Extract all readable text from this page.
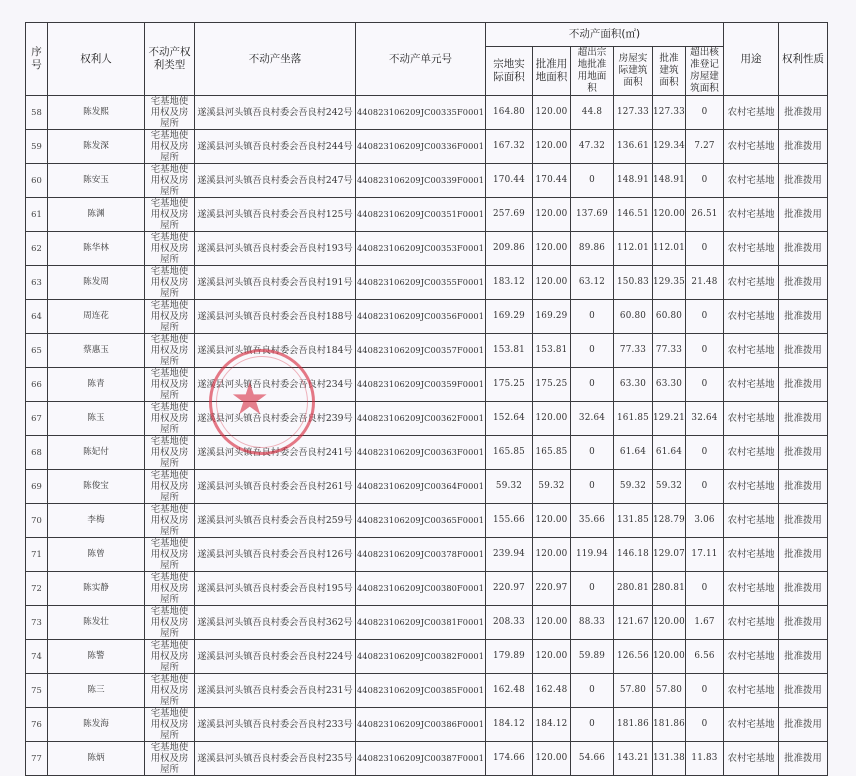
序号	权利人	不动产权利类型	不动产坐落	不动产单元号	不动产面积(㎡)						用途	权利性质
					宗地实际面积	批准用地面积	超出宗地批准用地面积	房屋实际建筑面积	批准建筑面积	超出核准登记房屋建筑面积		
58	陈发熙	宅基地使用权及房屋所	遂溪县河头镇吾良村委会吾良村242号	440823106209JC00335F0001	164.80	120.00	44.8	127.33	127.33	0	农村宅基地	批准拨用
59	陈发深	宅基地使用权及房屋所	遂溪县河头镇吾良村委会吾良村244号	440823106209JC00336F0001	167.32	120.00	47.32	136.61	129.34	7.27	农村宅基地	批准拨用
60	陈安玉	宅基地使用权及房屋所	遂溪县河头镇吾良村委会吾良村247号	440823106209JC00339F0001	170.44	170.44	0	148.91	148.91	0	农村宅基地	批准拨用
61	陈渊	宅基地使用权及房屋所	遂溪县河头镇吾良村委会吾良村125号	440823106209JC00351F0001	257.69	120.00	137.69	146.51	120.00	26.51	农村宅基地	批准拨用
62	陈华林	宅基地使用权及房屋所	遂溪县河头镇吾良村委会吾良村193号	440823106209JC00353F0001	209.86	120.00	89.86	112.01	112.01	0	农村宅基地	批准拨用
63	陈发周	宅基地使用权及房屋所	遂溪县河头镇吾良村委会吾良村191号	440823106209JC00355F0001	183.12	120.00	63.12	150.83	129.35	21.48	农村宅基地	批准拨用
64	周连花	宅基地使用权及房屋所	遂溪县河头镇吾良村委会吾良村188号	440823106209JC00356F0001	169.29	169.29	0	60.80	60.80	0	农村宅基地	批准拨用
65	蔡惠玉	宅基地使用权及房屋所	遂溪县河头镇吾良村委会吾良村184号	440823106209JC00357F0001	153.81	153.81	0	77.33	77.33	0	农村宅基地	批准拨用
66	陈青	宅基地使用权及房屋所	遂溪县河头镇吾良村委会吾良村234号	440823106209JC00359F0001	175.25	175.25	0	63.30	63.30	0	农村宅基地	批准拨用
67	陈玉	宅基地使用权及房屋所	遂溪县河头镇吾良村委会吾良村239号	440823106209JC00362F0001	152.64	120.00	32.64	161.85	129.21	32.64	农村宅基地	批准拨用
68	陈妃付	宅基地使用权及房屋所	遂溪县河头镇吾良村委会吾良村241号	440823106209JC00363F0001	165.85	165.85	0	61.64	61.64	0	农村宅基地	批准拨用
69	陈俊宝	宅基地使用权及房屋所	遂溪县河头镇吾良村委会吾良村261号	440823106209JC00364F0001	59.32	59.32	0	59.32	59.32	0	农村宅基地	批准拨用
70	李梅	宅基地使用权及房屋所	遂溪县河头镇吾良村委会吾良村259号	440823106209JC00365F0001	155.66	120.00	35.66	131.85	128.79	3.06	农村宅基地	批准拨用
71	陈曾	宅基地使用权及房屋所	遂溪县河头镇吾良村委会吾良村126号	440823106209JC00378F0001	239.94	120.00	119.94	146.18	129.07	17.11	农村宅基地	批准拨用
72	陈实静	宅基地使用权及房屋所	遂溪县河头镇吾良村委会吾良村195号	440823106209JC00380F0001	220.97	220.97	0	280.81	280.81	0	农村宅基地	批准拨用
73	陈发壮	宅基地使用权及房屋所	遂溪县河头镇吾良村委会吾良村362号	440823106209JC00381F0001	208.33	120.00	88.33	121.67	120.00	1.67	农村宅基地	批准拨用
74	陈警	宅基地使用权及房屋所	遂溪县河头镇吾良村委会吾良村224号	440823106209JC00382F0001	179.89	120.00	59.89	126.56	120.00	6.56	农村宅基地	批准拨用
75	陈三	宅基地使用权及房屋所	遂溪县河头镇吾良村委会吾良村231号	440823106209JC00385F0001	162.48	162.48	0	57.80	57.80	0	农村宅基地	批准拨用
76	陈发海	宅基地使用权及房屋所	遂溪县河头镇吾良村委会吾良村233号	440823106209JC00386F0001	184.12	184.12	0	181.86	181.86	0	农村宅基地	批准拨用
77	陈炳	宅基地使用权及房屋所	遂溪县河头镇吾良村委会吾良村235号	440823106209JC00387F0001	174.66	120.00	54.66	143.21	131.38	11.83	农村宅基地	批准拨用
★
